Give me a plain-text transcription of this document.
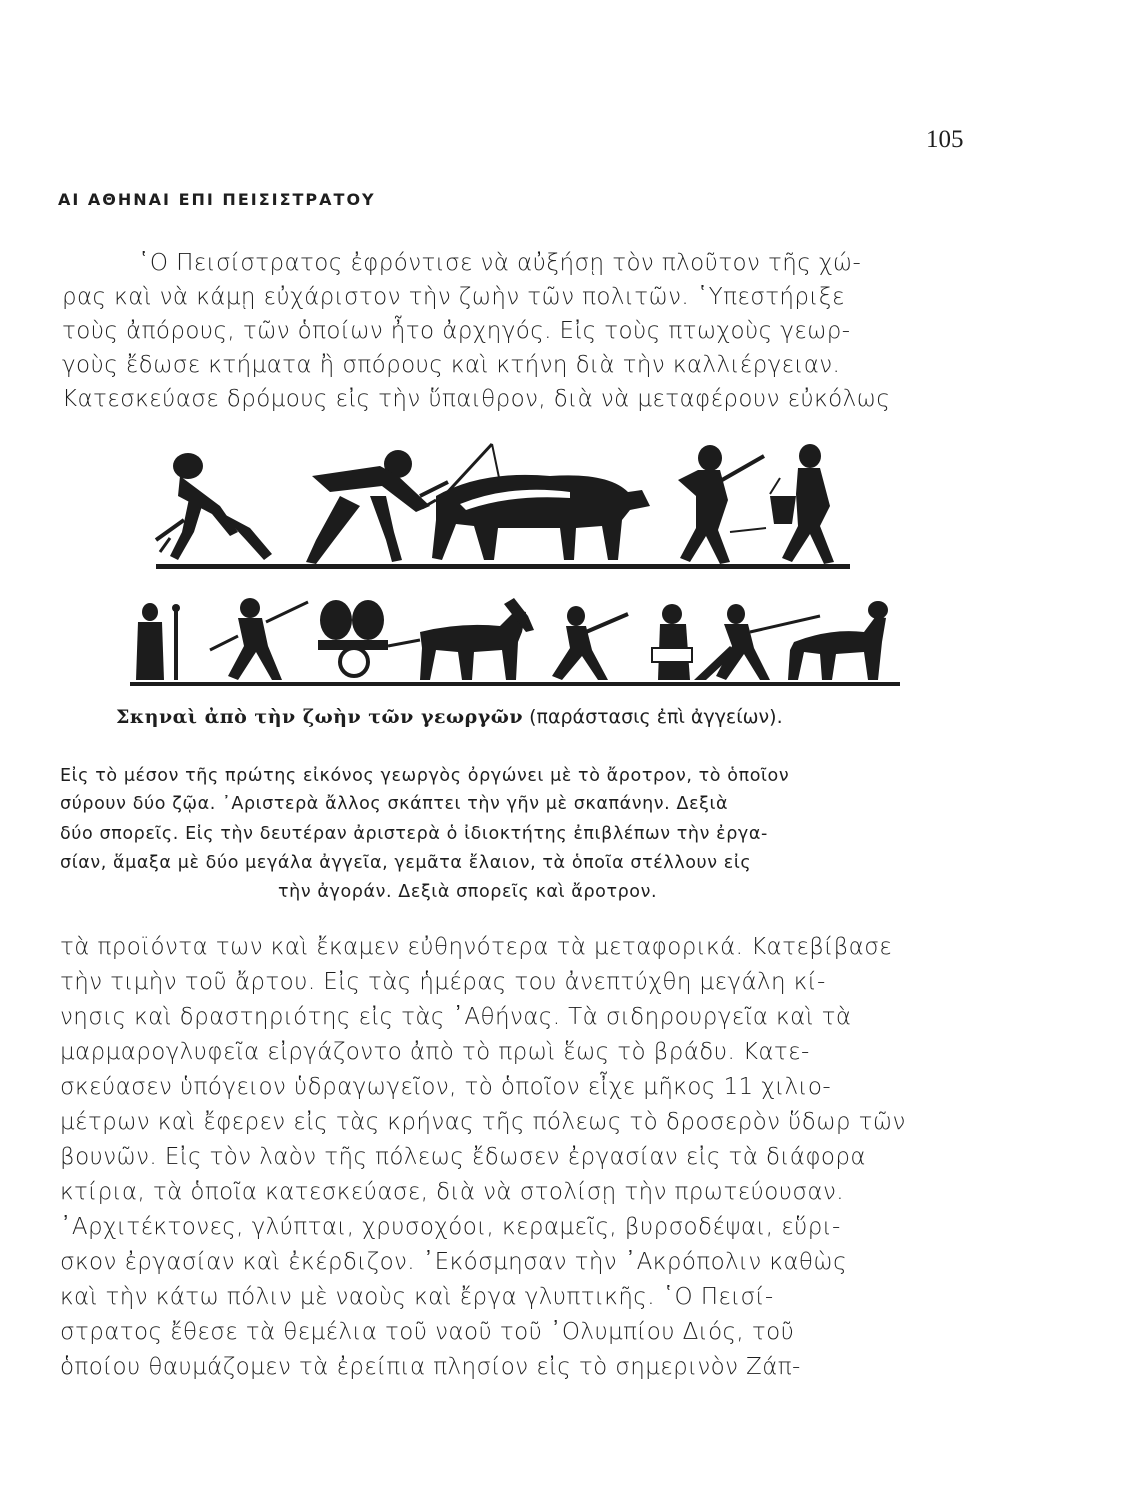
105
ΑΙ ΑΘΗΝΑΙ ΕΠΙ ΠΕΙΣΙΣΤΡΑΤΟΥ
῾Ο Πεισίστρατος ἐφρόντισε νὰ αὐξήσῃ τὸν πλοῦτον τῆς χώ-
ρας καὶ νὰ κάμῃ εὐχάριστον τὴν ζωὴν τῶν πολιτῶν. ῾Υπεστήριξε
τοὺς ἀπόρους, τῶν ὁποίων ἦτο ἀρχηγός. Εἰς τοὺς πτωχοὺς γεωρ-
γοὺς ἔδωσε κτήματα ἢ σπόρους καὶ κτήνη διὰ τὴν καλλιέργειαν.
Κατεσκεύασε δρόμους εἰς τὴν ὕπαιθρον, διὰ νὰ μεταφέρουν εὐκόλως
Σκηναὶ ἀπὸ τὴν ζωὴν τῶν γεωργῶν (παράστασις ἐπὶ ἀγγείων).
Εἰς τὸ μέσον τῆς πρώτης εἰκόνος γεωργὸς ὀργώνει μὲ τὸ ἄροτρον, τὸ ὁποῖον
σύρουν δύο ζῷα. ᾿Αριστερὰ ἄλλος σκάπτει τὴν γῆν μὲ σκαπάνην. Δεξιὰ
δύο σπορεῖς. Εἰς τὴν δευτέραν ἀριστερὰ ὁ ἰδιοκτήτης ἐπιβλέπων τὴν ἐργα-
σίαν, ἅμαξα μὲ δύο μεγάλα ἀγγεῖα, γεμᾶτα ἔλαιον, τὰ ὁποῖα στέλλουν εἰς
τὴν ἀγοράν. Δεξιὰ σπορεῖς καὶ ἄροτρον.
τὰ προϊόντα των καὶ ἔκαμεν εὐθηνότερα τὰ μεταφορικά. Κατεβίβασε
τὴν τιμὴν τοῦ ἄρτου. Εἰς τὰς ἡμέρας του ἀνεπτύχθη μεγάλη κί-
νησις καὶ δραστηριότης εἰς τὰς ᾿Αθήνας. Τὰ σιδηρουργεῖα καὶ τὰ
μαρμαρογλυφεῖα εἰργάζοντο ἀπὸ τὸ πρωὶ ἕως τὸ βράδυ. Κατε-
σκεύασεν ὑπόγειον ὑδραγωγεῖον, τὸ ὁποῖον εἶχε μῆκος 11 χιλιο-
μέτρων καὶ ἔφερεν εἰς τὰς κρήνας τῆς πόλεως τὸ δροσερὸν ὕδωρ τῶν
βουνῶν. Εἰς τὸν λαὸν τῆς πόλεως ἔδωσεν ἐργασίαν εἰς τὰ διάφορα
κτίρια, τὰ ὁποῖα κατεσκεύασε, διὰ νὰ στολίσῃ τὴν πρωτεύουσαν.
᾿Αρχιτέκτονες, γλύπται, χρυσοχόοι, κεραμεῖς, βυρσοδέψαι, εὕρι-
σκον ἐργασίαν καὶ ἐκέρδιζον. ᾿Εκόσμησαν τὴν ᾿Ακρόπολιν καθὼς
καὶ τὴν κάτω πόλιν μὲ ναοὺς καὶ ἔργα γλυπτικῆς. ῾Ο Πεισί-
στρατος ἔθεσε τὰ θεμέλια τοῦ ναοῦ τοῦ ᾿Ολυμπίου Διός, τοῦ
ὁποίου θαυμάζομεν τὰ ἐρείπια πλησίον εἰς τὸ σημερινὸν Ζάπ-
